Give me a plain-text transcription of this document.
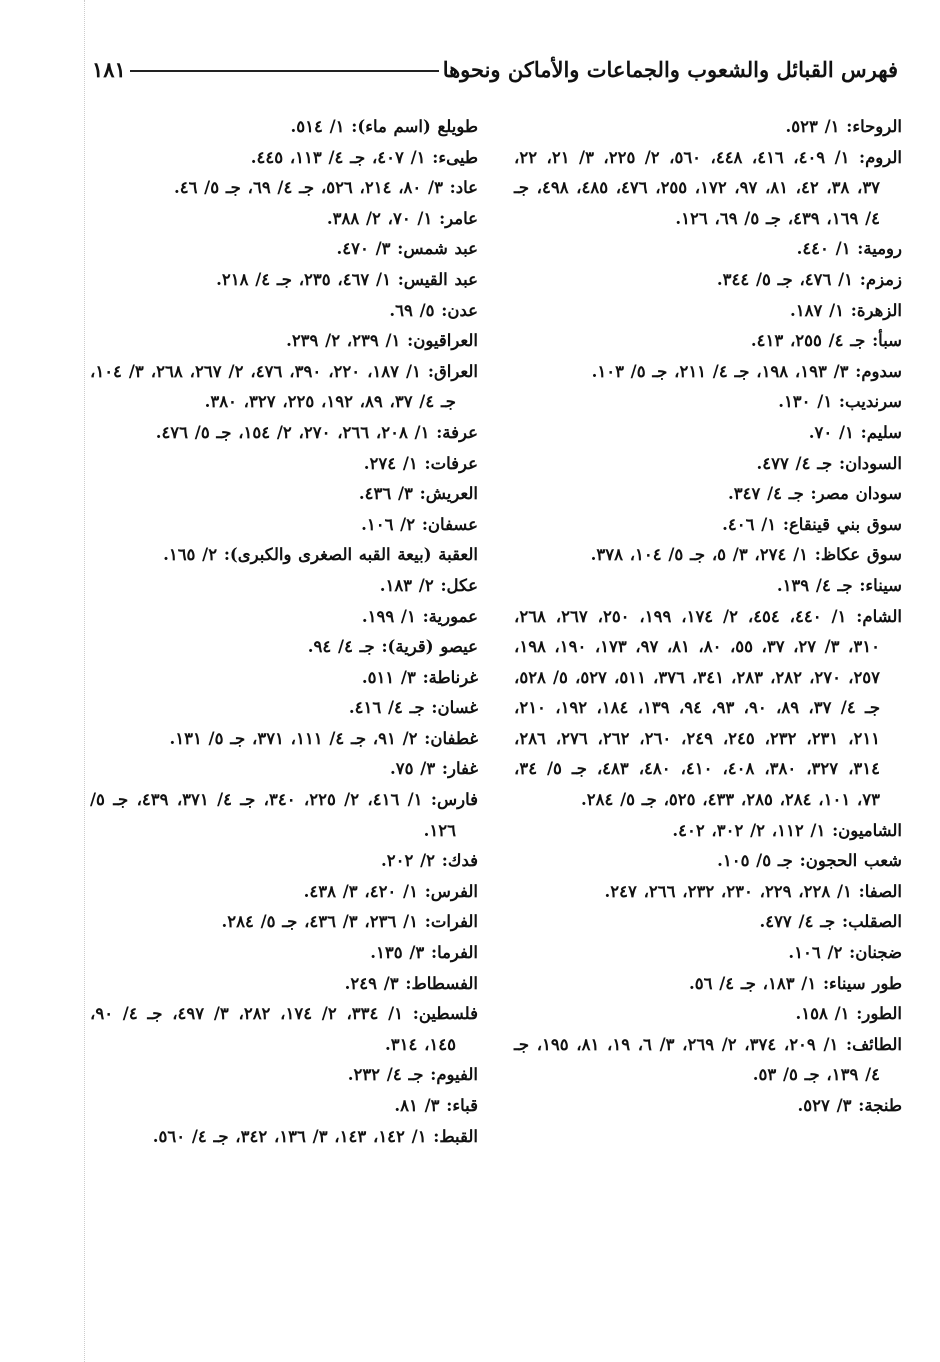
فهرس القبائل والشعوب والجماعات والأماكن ونحوها
١٨١
الروحاء: ١/ ٥٢٣.
الروم: ١/ ٤٠٩، ٤١٦، ٤٤٨، ٥٦٠، ٢/ ٢٢٥، ٣/ ٢١، ٢٢، ٣٧، ٣٨، ٤٢، ٨١، ٩٧، ١٧٢، ٢٥٥، ٤٧٦، ٤٨٥، ٤٩٨، جـ ٤/ ١٦٩، ٤٣٩، جـ ٥/ ٦٩، ١٢٦.
رومية: ١/ ٤٤٠.
زمزم: ١/ ٤٧٦، جـ ٥/ ٣٤٤.
الزهرة: ١/ ١٨٧.
سبأ: جـ ٤/ ٢٥٥، ٤١٣.
سدوم: ٣/ ١٩٣، ١٩٨، جـ ٤/ ٢١١، جـ ٥/ ١٠٣.
سرنديب: ١/ ١٣٠.
سليم: ١/ ٧٠.
السودان: جـ ٤/ ٤٧٧.
سودان مصر: جـ ٤/ ٣٤٧.
سوق بني قينقاع: ١/ ٤٠٦.
سوق عكاظ: ١/ ٢٧٤، ٣/ ٥، جـ ٥/ ١٠٤، ٣٧٨.
سيناء: جـ ٤/ ١٣٩.
الشام: ١/ ٤٤٠، ٤٥٤، ٢/ ١٧٤، ١٩٩، ٢٥٠، ٢٦٧، ٢٦٨، ٣١٠، ٣/ ٢٧، ٣٧، ٥٥، ٨٠، ٨١، ٩٧، ١٧٣، ١٩٠، ١٩٨، ٢٥٧، ٢٧٠، ٢٨٢، ٢٨٣، ٣٤١، ٣٧٦، ٥١١، ٥٢٧، ٥/ ٥٢٨، جـ ٤/ ٣٧، ٨٩، ٩٠، ٩٣، ٩٤، ١٣٩، ١٨٤، ١٩٢، ٢١٠، ٢١١، ٢٣١، ٢٣٢، ٢٤٥، ٢٤٩، ٢٦٠، ٢٦٢، ٢٧٦، ٢٨٦، ٣١٤، ٣٢٧، ٣٨٠، ٤٠٨، ٤١٠، ٤٨٠، ٤٨٣، جـ ٥/ ٣٤، ٧٣، ١٠١، ٢٨٤، ٢٨٥، ٤٣٣، ٥٢٥، جـ ٥/ ٢٨٤.
الشاميون: ١/ ١١٢، ٢/ ٣٠٢، ٤٠٢.
شعب الحجون: جـ ٥/ ١٠٥.
الصفا: ١/ ٢٢٨، ٢٢٩، ٢٣٠، ٢٣٢، ٢٦٦، ٢٤٧.
الصقلب: جـ ٤/ ٤٧٧.
ضجنان: ٢/ ١٠٦.
طور سيناء: ١/ ١٨٣، جـ ٤/ ٥٦.
الطور: ١/ ١٥٨.
الطائف: ١/ ٢٠٩، ٣٧٤، ٢/ ٢٦٩، ٣/ ٦، ١٩، ٨١، ١٩٥، جـ ٤/ ١٣٩، جـ ٥/ ٥٣.
طنجة: ٣/ ٥٢٧.
طويلع (اسم ماء): ١/ ٥١٤.
طيىء: ١/ ٤٠٧، جـ ٤/ ١١٣، ٤٤٥.
عاد: ٣/ ٨٠، ٢١٤، ٥٢٦، جـ ٤/ ٦٩، جـ ٥/ ٤٦.
عامر: ١/ ٧٠، ٢/ ٣٨٨.
عبد شمس: ٣/ ٤٧٠.
عبد القيس: ١/ ٤٦٧، ٢٣٥، جـ ٤/ ٢١٨.
عدن: ٥/ ٦٩.
العراقيون: ١/ ٢٣٩، ٢/ ٢٣٩.
العراق: ١/ ١٨٧، ٢٢٠، ٣٩٠، ٤٧٦، ٢/ ٢٦٧، ٢٦٨، ٣/ ١٠٤، جـ ٤/ ٣٧، ٨٩، ١٩٢، ٢٢٥، ٣٢٧، ٣٨٠.
عرفة: ١/ ٢٠٨، ٢٦٦، ٢٧٠، ٢/ ١٥٤، جـ ٥/ ٤٧٦.
عرفات: ١/ ٢٧٤.
العريش: ٣/ ٤٣٦.
عسفان: ٢/ ١٠٦.
العقبة (بيعة القبه الصغرى والكبرى): ٢/ ١٦٥.
عكل: ٢/ ١٨٣.
عمورية: ١/ ١٩٩.
عيصو (قرية): جـ ٤/ ٩٤.
غرناطة: ٣/ ٥١١.
غسان: جـ ٤/ ٤١٦.
غطفان: ٢/ ٩١، جـ ٤/ ١١١، ٣٧١، جـ ٥/ ١٣١.
غفار: ٣/ ٧٥.
فارس: ١/ ٤١٦، ٢/ ٢٢٥، ٣٤٠، جـ ٤/ ٣٧١، ٤٣٩، جـ ٥/ ١٢٦.
فدك: ٢/ ٢٠٢.
الفرس: ١/ ٤٢٠، ٣/ ٤٣٨.
الفرات: ١/ ٢٣٦، ٣/ ٤٣٦، جـ ٥/ ٢٨٤.
الفرما: ٣/ ١٣٥.
الفسطاط: ٣/ ٢٤٩.
فلسطين: ١/ ٣٣٤، ٢/ ١٧٤، ٢٨٢، ٣/ ٤٩٧، جـ ٤/ ٩٠، ١٤٥، ٣١٤.
الفيوم: جـ ٤/ ٢٣٢.
قباء: ٣/ ٨١.
القبط: ١/ ١٤٢، ١٤٣، ٣/ ١٣٦، ٣٤٢، جـ ٤/ ٥٦٠.
